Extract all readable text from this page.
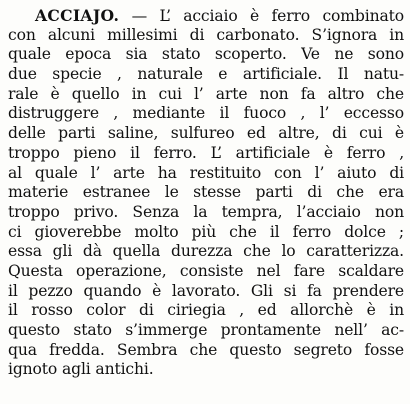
ACCIAJO. — L’ acciaio è ferro combinato
con alcuni millesimi di carbonato. S’ignora in
quale epoca sia stato scoperto. Ve ne sono
due specie , naturale e artificiale. Il natu-
rale è quello in cui l’ arte non fa altro che
distruggere , mediante il fuoco , l’ eccesso
delle parti saline, sulfureo ed altre, di cui è
troppo pieno il ferro. L’ artificiale è ferro ,
al quale l’ arte ha restituito con l’ aiuto di
materie estranee le stesse parti di che era
troppo privo. Senza la tempra, l’acciaio non
ci gioverebbe molto più che il ferro dolce ;
essa gli dà quella durezza che lo caratterizza.
Questa operazione, consiste nel fare scaldare
il pezzo quando è lavorato. Gli si fa prendere
il rosso color di ciriegia , ed allorchè è in
questo stato s’immerge prontamente nell’ ac-
qua fredda. Sembra che questo segreto fosse
ignoto agli antichi.
